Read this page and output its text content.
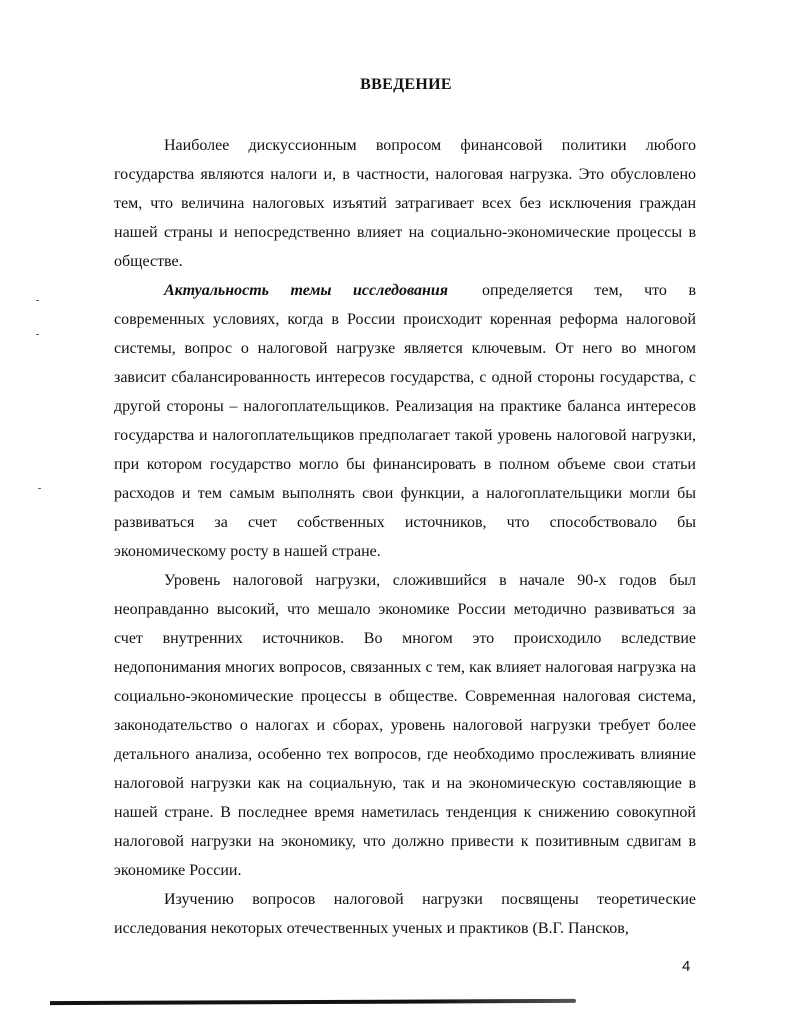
ВВЕДЕНИЕ

Наиболее дискуссионным вопросом финансовой политики любого государства являются налоги и, в частности, налоговая нагрузка. Это обусловлено тем, что величина налоговых изъятий затрагивает всех без исключения граждан нашей страны и непосредственно влияет на социально-экономические процессы в обществе.

Актуальность темы исследования определяется тем, что в современных условиях, когда в России происходит коренная реформа налоговой системы, вопрос о налоговой нагрузке является ключевым. От него во многом зависит сбалансированность интересов государства, с одной стороны государства, с другой стороны – налогоплательщиков. Реализация на практике баланса интересов государства и налогоплательщиков предполагает такой уровень налоговой нагрузки, при котором государство могло бы финансировать в полном объеме свои статьи расходов и тем самым выполнять свои функции, а налогоплательщики могли бы развиваться за счет собственных источников, что способствовало бы экономическому росту в нашей стране.

Уровень налоговой нагрузки, сложившийся в начале 90-х годов был неоправданно высокий, что мешало экономике России методично развиваться за счет внутренних источников. Во многом это происходило вследствие недопонимания многих вопросов, связанных с тем, как влияет налоговая нагрузка на социально-экономические процессы в обществе. Современная налоговая система, законодательство о налогах и сборах, уровень налоговой нагрузки требует более детального анализа, особенно тех вопросов, где необходимо прослеживать влияние налоговой нагрузки как на социальную, так и на экономическую составляющие в нашей стране. В последнее время наметилась тенденция к снижению совокупной налоговой нагрузки на экономику, что должно привести к позитивным сдвигам в экономике России.

Изучению вопросов налоговой нагрузки посвящены теоретические исследования некоторых отечественных ученых и практиков (В.Г. Пансков,

4
